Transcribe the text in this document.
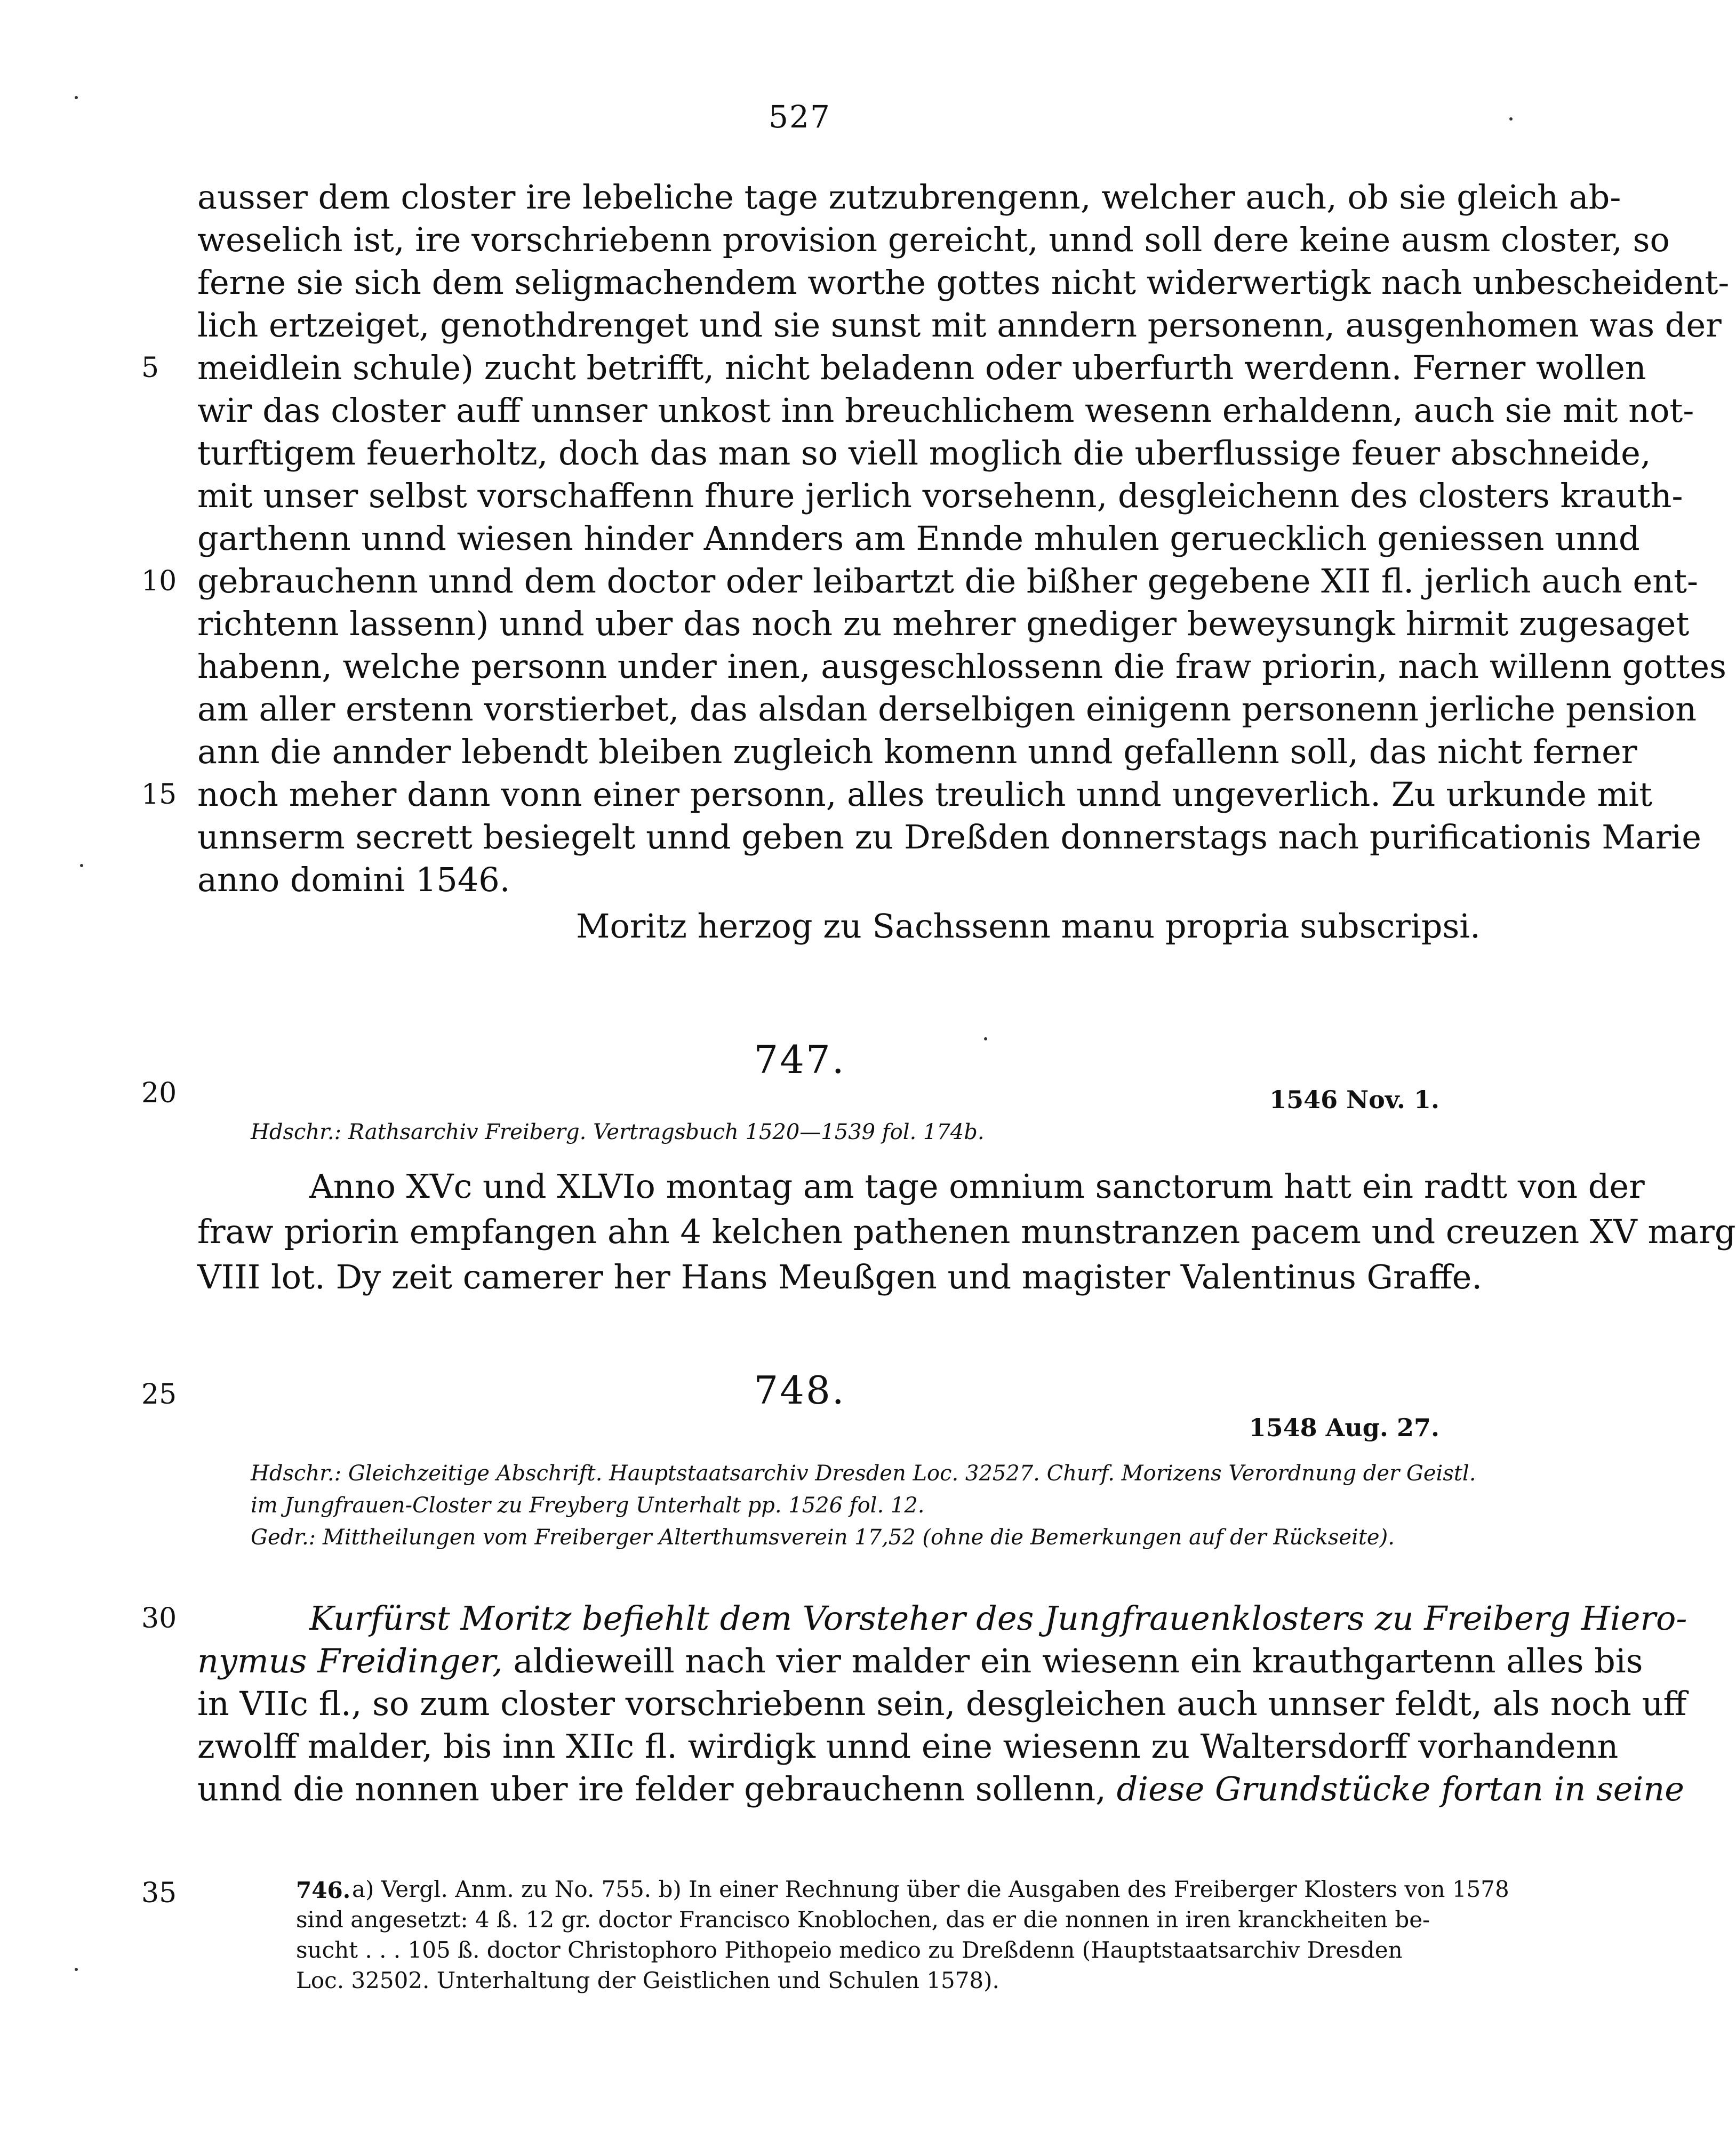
527
ausser dem closter ire lebeliche tage zutzubrengenn, welcher auch, ob sie gleich ab-
weselich ist, ire vorschriebenn provision gereicht, unnd soll dere keine ausm closter, so
ferne sie sich dem seligmachendem worthe gottes nicht widerwertigk nach unbescheident-
lich ertzeiget, genothdrenget und sie sunst mit anndern personenn, ausgenhomen was der
meidlein schule) zucht betrifft, nicht beladenn oder uberfurth werdenn. Ferner wollen
wir das closter auff unnser unkost inn breuchlichem wesenn erhaldenn, auch sie mit not-
turftigem feuerholtz, doch das man so viell moglich die uberflussige feuer abschneide,
mit unser selbst vorschaffenn fhure jerlich vorsehenn, desgleichenn des closters krauth-
garthenn unnd wiesen hinder Annders am Ennde mhulen geruecklich geniessen unnd
gebrauchenn unnd dem doctor oder leibartzt die bißher gegebene XII fl. jerlich auch ent-
richtenn lassenn) unnd uber das noch zu mehrer gnediger beweysungk hirmit zugesaget
habenn, welche personn under inen, ausgeschlossenn die fraw priorin, nach willenn gottes
am aller erstenn vorstierbet, das alsdan derselbigen einigenn personenn jerliche pension
ann die annder lebendt bleiben zugleich komenn unnd gefallenn soll, das nicht ferner
noch meher dann vonn einer personn, alles treulich unnd ungeverlich. Zu urkunde mit
unnserm secrett besiegelt unnd geben zu Dreßden donnerstags nach purificationis Marie
anno domini 1546.
Moritz herzog zu Sachssenn manu propria subscripsi.
5
10
15
20
25
30
35
747.
1546 Nov. 1.
Hdschr.: Rathsarchiv Freiberg. Vertragsbuch 1520—1539 fol. 174b.
Anno XVc und XLVIo montag am tage omnium sanctorum hatt ein radtt von der
fraw priorin empfangen ahn 4 kelchen pathenen munstranzen pacem und creuzen XV marg
VIII lot. Dy zeit camerer her Hans Meußgen und magister Valentinus Graffe.
748.
1548 Aug. 27.
Hdschr.: Gleichzeitige Abschrift. Hauptstaatsarchiv Dresden Loc. 32527. Churf. Morizens Verordnung der Geistl.
im Jungfrauen-Closter zu Freyberg Unterhalt pp. 1526 fol. 12.
Gedr.: Mittheilungen vom Freiberger Alterthumsverein 17,52 (ohne die Bemerkungen auf der Rückseite).
Kurfürst Moritz befiehlt dem Vorsteher des Jungfrauenklosters zu Freiberg Hiero-
nymus Freidinger, aldieweill nach vier malder ein wiesenn ein krauthgartenn alles bis
in VIIc fl., so zum closter vorschriebenn sein, desgleichen auch unnser feldt, als noch uff
zwolff malder, bis inn XIIc fl. wirdigk unnd eine wiesenn zu Waltersdorff vorhandenn
unnd die nonnen uber ire felder gebrauchenn sollenn, diese Grundstücke fortan in seine
746. a) Vergl. Anm. zu No. 755. b) In einer Rechnung über die Ausgaben des Freiberger Klosters von 1578
sind angesetzt: 4 ß. 12 gr. doctor Francisco Knoblochen, das er die nonnen in iren kranckheiten be-
sucht . . . 105 ß. doctor Christophoro Pithopeio medico zu Dreßdenn (Hauptstaatsarchiv Dresden
Loc. 32502. Unterhaltung der Geistlichen und Schulen 1578).
